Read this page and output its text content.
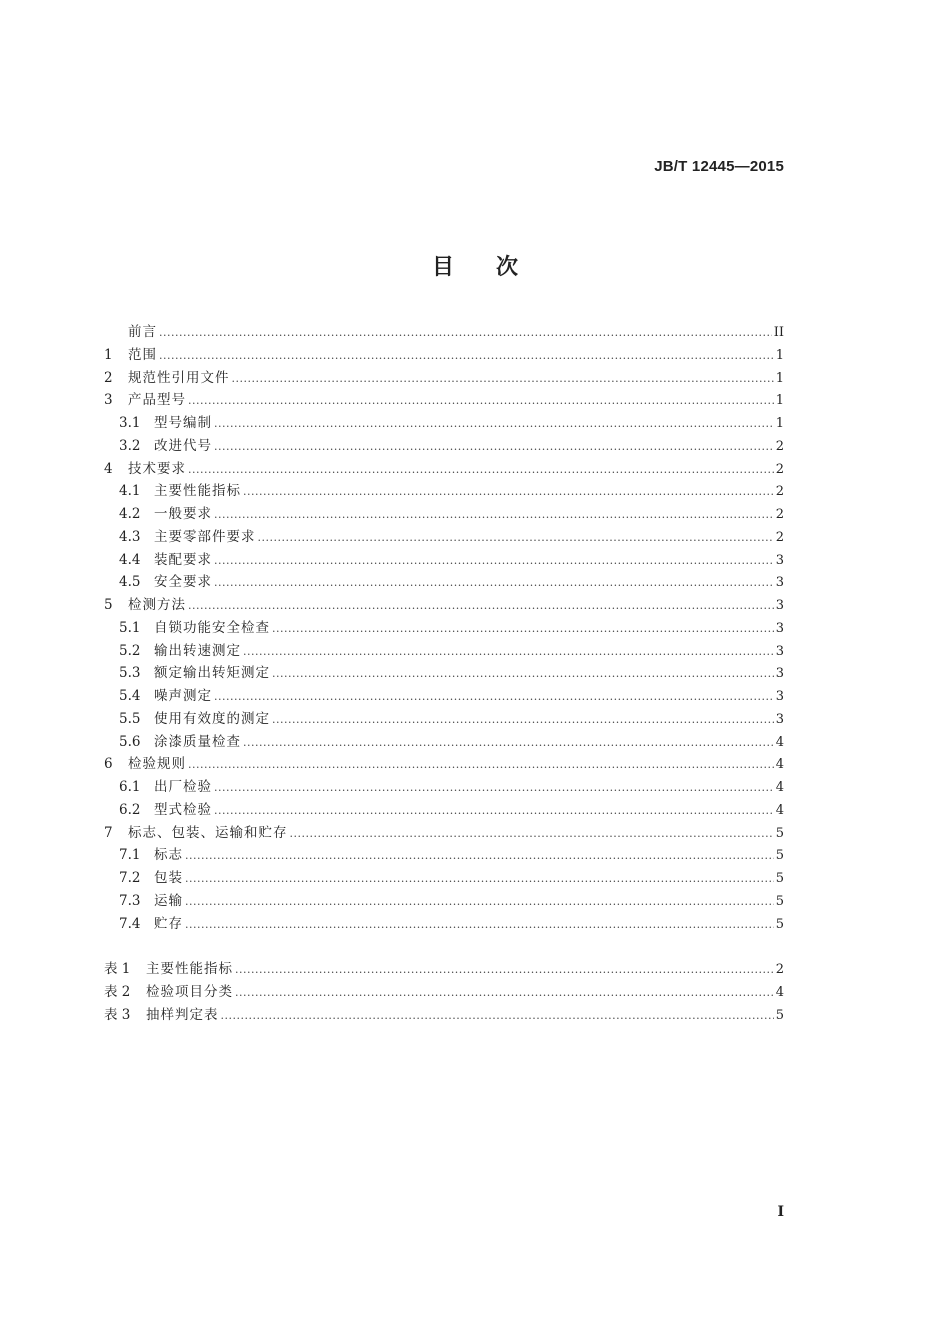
JB/T 12445—2015
目次
前言 .....	II
1	范围 .....	1
2	规范性引用文件 .....	1
3	产品型号 .....	1
3.1	型号编制 .....	1
3.2	改进代号 .....	2
4	技术要求 .....	2
4.1	主要性能指标 .....	2
4.2	一般要求 .....	2
4.3	主要零部件要求 .....	2
4.4	装配要求 .....	3
4.5	安全要求 .....	3
5	检测方法 .....	3
5.1	自锁功能安全检查 .....	3
5.2	输出转速测定 .....	3
5.3	额定输出转矩测定 .....	3
5.4	噪声测定 .....	3
5.5	使用有效度的测定 .....	3
5.6	涂漆质量检查 .....	4
6	检验规则 .....	4
6.1	出厂检验 .....	4
6.2	型式检验 .....	4
7	标志、包装、运输和贮存 .....	5
7.1	标志 .....	5
7.2	包装 .....	5
7.3	运输 .....	5
7.4	贮存 .....	5
表 1	主要性能指标 .....	2
表 2	检验项目分类 .....	4
表 3	抽样判定表 .....	5
I
